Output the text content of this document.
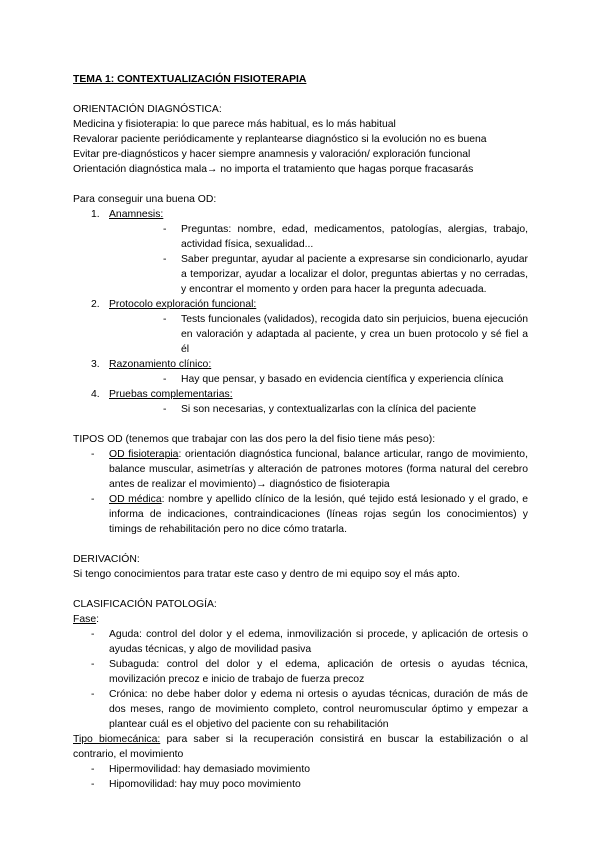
TEMA 1: CONTEXTUALIZACIÓN FISIOTERAPIA

ORIENTACIÓN DIAGNÓSTICA:

Medicina y fisioterapia: lo que parece más habitual, es lo más habitual

Revalorar paciente periódicamente y replantearse diagnóstico si la evolución no es buena

Evitar pre-diagnósticos y hacer siempre anamnesis y valoración/ exploración funcional

Orientación diagnóstica mala→ no importa el tratamiento que hagas porque fracasarás

Para conseguir una buena OD:

1. Anamnesis:
- Preguntas: nombre, edad, medicamentos, patologías, alergias, trabajo, actividad física, sexualidad...
- Saber preguntar, ayudar al paciente a expresarse sin condicionarlo, ayudar a temporizar, ayudar a localizar el dolor, preguntas abiertas y no cerradas, y encontrar el momento y orden para hacer la pregunta adecuada.
2. Protocolo exploración funcional:
- Tests funcionales (validados), recogida dato sin perjuicios, buena ejecución en valoración y adaptada al paciente, y crea un buen protocolo y sé fiel a él
3. Razonamiento clínico:
- Hay que pensar, y basado en evidencia científica y experiencia clínica
4. Pruebas complementarias:
- Si son necesarias, y contextualizarlas con la clínica del paciente

TIPOS OD (tenemos que trabajar con las dos pero la del fisio tiene más peso):

- OD fisioterapia: orientación diagnóstica funcional, balance articular, rango de movimiento, balance muscular, asimetrías y alteración de patrones motores (forma natural del cerebro antes de realizar el movimiento)→ diagnóstico de fisioterapia
- OD médica: nombre y apellido clínico de la lesión, qué tejido está lesionado y el grado, e informa de indicaciones, contraindicaciones (líneas rojas según los conocimientos) y timings de rehabilitación pero no dice cómo tratarla.

DERIVACIÓN:

Si tengo conocimientos para tratar este caso y dentro de mi equipo soy el más apto.

CLASIFICACIÓN PATOLOGÍA:

Fase:

- Aguda: control del dolor y el edema, inmovilización si procede, y aplicación de ortesis o ayudas técnicas, y algo de movilidad pasiva
- Subaguda: control del dolor y el edema, aplicación de ortesis o ayudas técnica, movilización precoz e inicio de trabajo de fuerza precoz
- Crónica: no debe haber dolor y edema ni ortesis o ayudas técnicas, duración de más de dos meses, rango de movimiento completo, control neuromuscular óptimo y empezar a plantear cuál es el objetivo del paciente con su rehabilitación

Tipo biomecánica: para saber si la recuperación consistirá en buscar la estabilización o al contrario, el movimiento

- Hipermovilidad: hay demasiado movimiento
- Hipomovilidad: hay muy poco movimiento
